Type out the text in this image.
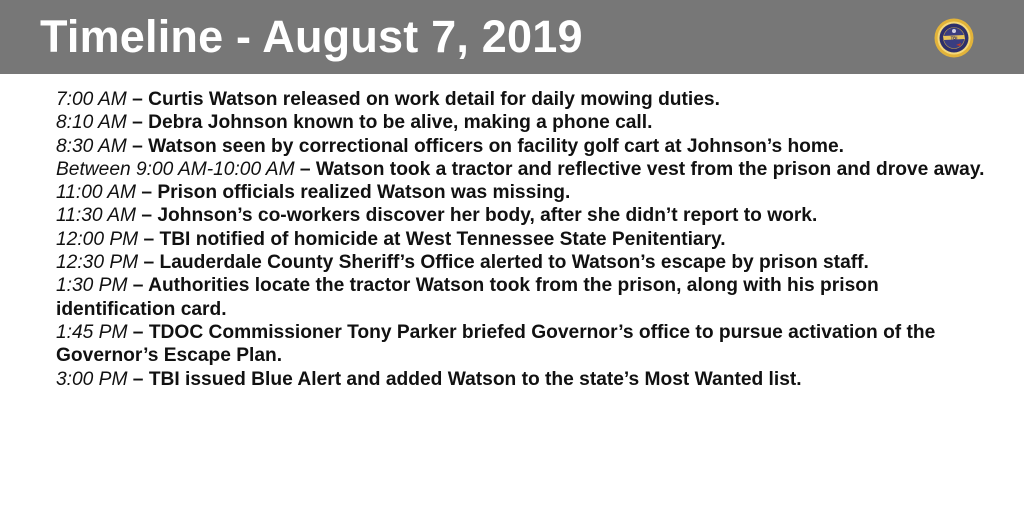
Timeline - August 7, 2019	TBI
7:00 AM – Curtis Watson released on work detail for daily mowing duties.
8:10 AM – Debra Johnson known to be alive, making a phone call.
8:30 AM – Watson seen by correctional officers on facility golf cart at Johnson’s home.
Between 9:00 AM-10:00 AM – Watson took a tractor and reflective vest from the prison and drove away.
11:00 AM – Prison officials realized Watson was missing.
11:30 AM – Johnson’s co-workers discover her body, after she didn’t report to work.
12:00 PM – TBI notified of homicide at West Tennessee State Penitentiary.
12:30 PM – Lauderdale County Sheriff’s Office alerted to Watson’s escape by prison staff.
1:30 PM – Authorities locate the tractor Watson took from the prison, along with his prison identification card.
1:45 PM – TDOC Commissioner Tony Parker briefed Governor’s office to pursue activation of the Governor’s Escape Plan.
3:00 PM – TBI issued Blue Alert and added Watson to the state’s Most Wanted list.
